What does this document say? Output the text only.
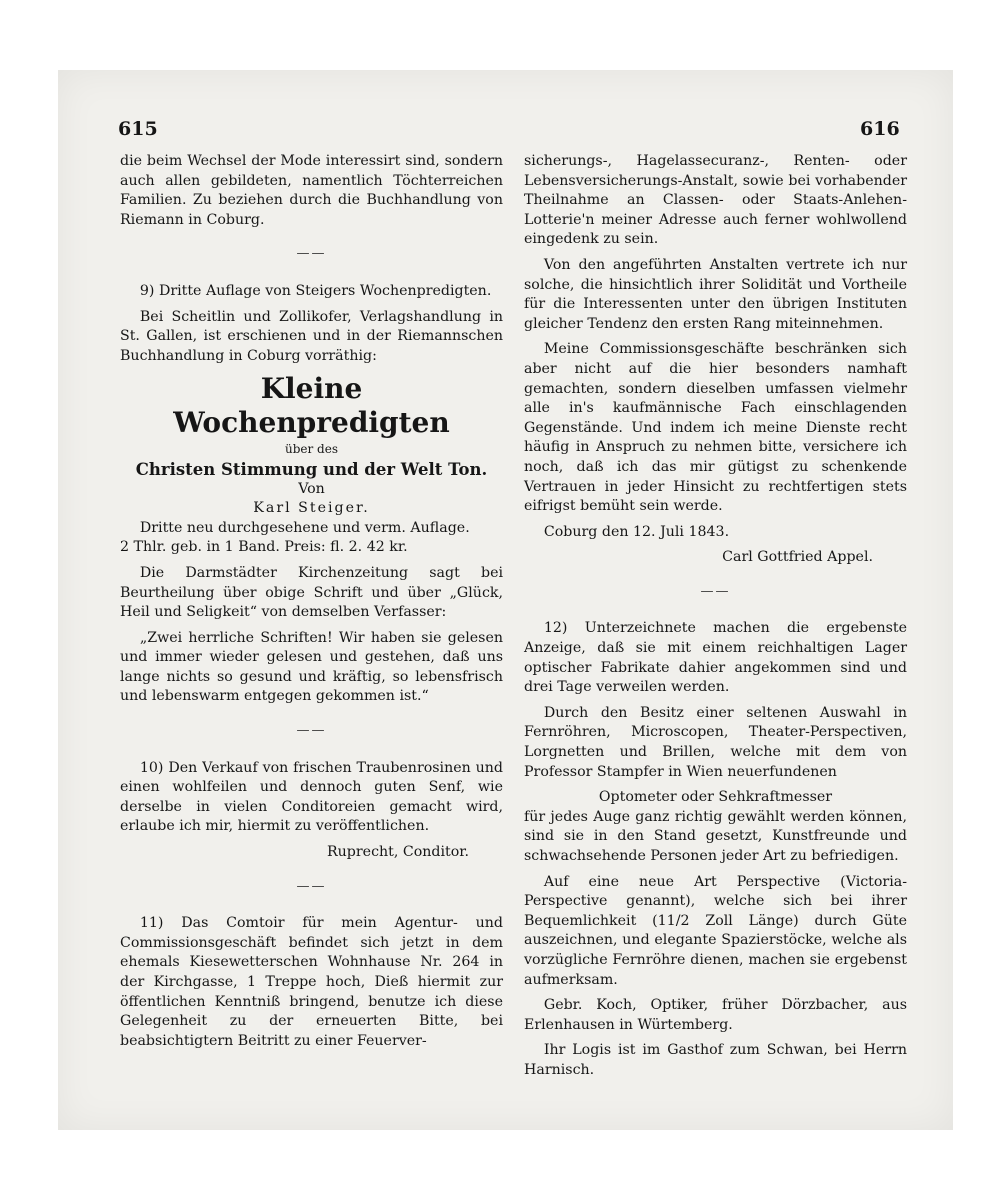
615	616

die beim Wechsel der Mode interessirt sind, sondern auch allen gebildeten, namentlich Töchterreichen Familien. Zu beziehen durch die Buchhandlung von Riemann in Coburg.

——

9) Dritte Auflage von Steigers Wochenpredigten.

Bei Scheitlin und Zollikofer, Verlagshandlung in St. Gallen, ist erschienen und in der Riemannschen Buchhandlung in Coburg vorräthig:

Kleine Wochenpredigten

über des

Christen Stimmung und der Welt Ton.

Von

Karl Steiger.

Dritte neu durchgesehene und verm. Auflage.

2 Thlr. geb. in 1 Band. Preis: fl. 2. 42 kr.

Die Darmstädter Kirchenzeitung sagt bei Beurtheilung über obige Schrift und über „Glück, Heil und Seligkeit“ von demselben Verfasser:

„Zwei herrliche Schriften! Wir haben sie gelesen und immer wieder gelesen und gestehen, daß uns lange nichts so gesund und kräftig, so lebensfrisch und lebenswarm entgegen gekommen ist.“

——

10) Den Verkauf von frischen Traubenrosinen und einen wohlfeilen und dennoch guten Senf, wie derselbe in vielen Conditoreien gemacht wird, erlaube ich mir, hiermit zu veröffentlichen.

Ruprecht, Conditor.

——

11) Das Comtoir für mein Agentur- und Commissionsgeschäft befindet sich jetzt in dem ehemals Kiesewetterschen Wohnhause Nr. 264 in der Kirchgasse, 1 Treppe hoch, Dieß hiermit zur öffentlichen Kenntniß bringend, benutze ich diese Gelegenheit zu der erneuerten Bitte, bei beabsichtigtern Beitritt zu einer Feuerver-

sicherungs-, Hagelassecuranz-, Renten- oder Lebensversicherungs-Anstalt, sowie bei vorhabender Theilnahme an Classen- oder Staats-Anlehen-Lotterie'n meiner Adresse auch ferner wohlwollend eingedenk zu sein.

Von den angeführten Anstalten vertrete ich nur solche, die hinsichtlich ihrer Solidität und Vortheile für die Interessenten unter den übrigen Instituten gleicher Tendenz den ersten Rang miteinnehmen.

Meine Commissionsgeschäfte beschränken sich aber nicht auf die hier besonders namhaft gemachten, sondern dieselben umfassen vielmehr alle in's kaufmännische Fach einschlagenden Gegenstände. Und indem ich meine Dienste recht häufig in Anspruch zu nehmen bitte, versichere ich noch, daß ich das mir gütigst zu schenkende Vertrauen in jeder Hinsicht zu rechtfertigen stets eifrigst bemüht sein werde.

Coburg den 12. Juli 1843.

Carl Gottfried Appel.

——

12) Unterzeichnete machen die ergebenste Anzeige, daß sie mit einem reichhaltigen Lager optischer Fabrikate dahier angekommen sind und drei Tage verweilen werden.

Durch den Besitz einer seltenen Auswahl in Fernröhren, Microscopen, Theater-Perspectiven, Lorgnetten und Brillen, welche mit dem von Professor Stampfer in Wien neuerfundenen

Optometer oder Sehkraftmesser

für jedes Auge ganz richtig gewählt werden können, sind sie in den Stand gesetzt, Kunstfreunde und schwachsehende Personen jeder Art zu befriedigen.

Auf eine neue Art Perspective (Victoria-Perspective genannt), welche sich bei ihrer Bequemlichkeit (11/2 Zoll Länge) durch Güte auszeichnen, und elegante Spazierstöcke, welche als vorzügliche Fernröhre dienen, machen sie ergebenst aufmerksam.

Gebr. Koch, Optiker, früher Dörzbacher, aus Erlenhausen in Würtemberg.

Ihr Logis ist im Gasthof zum Schwan, bei Herrn Harnisch.
